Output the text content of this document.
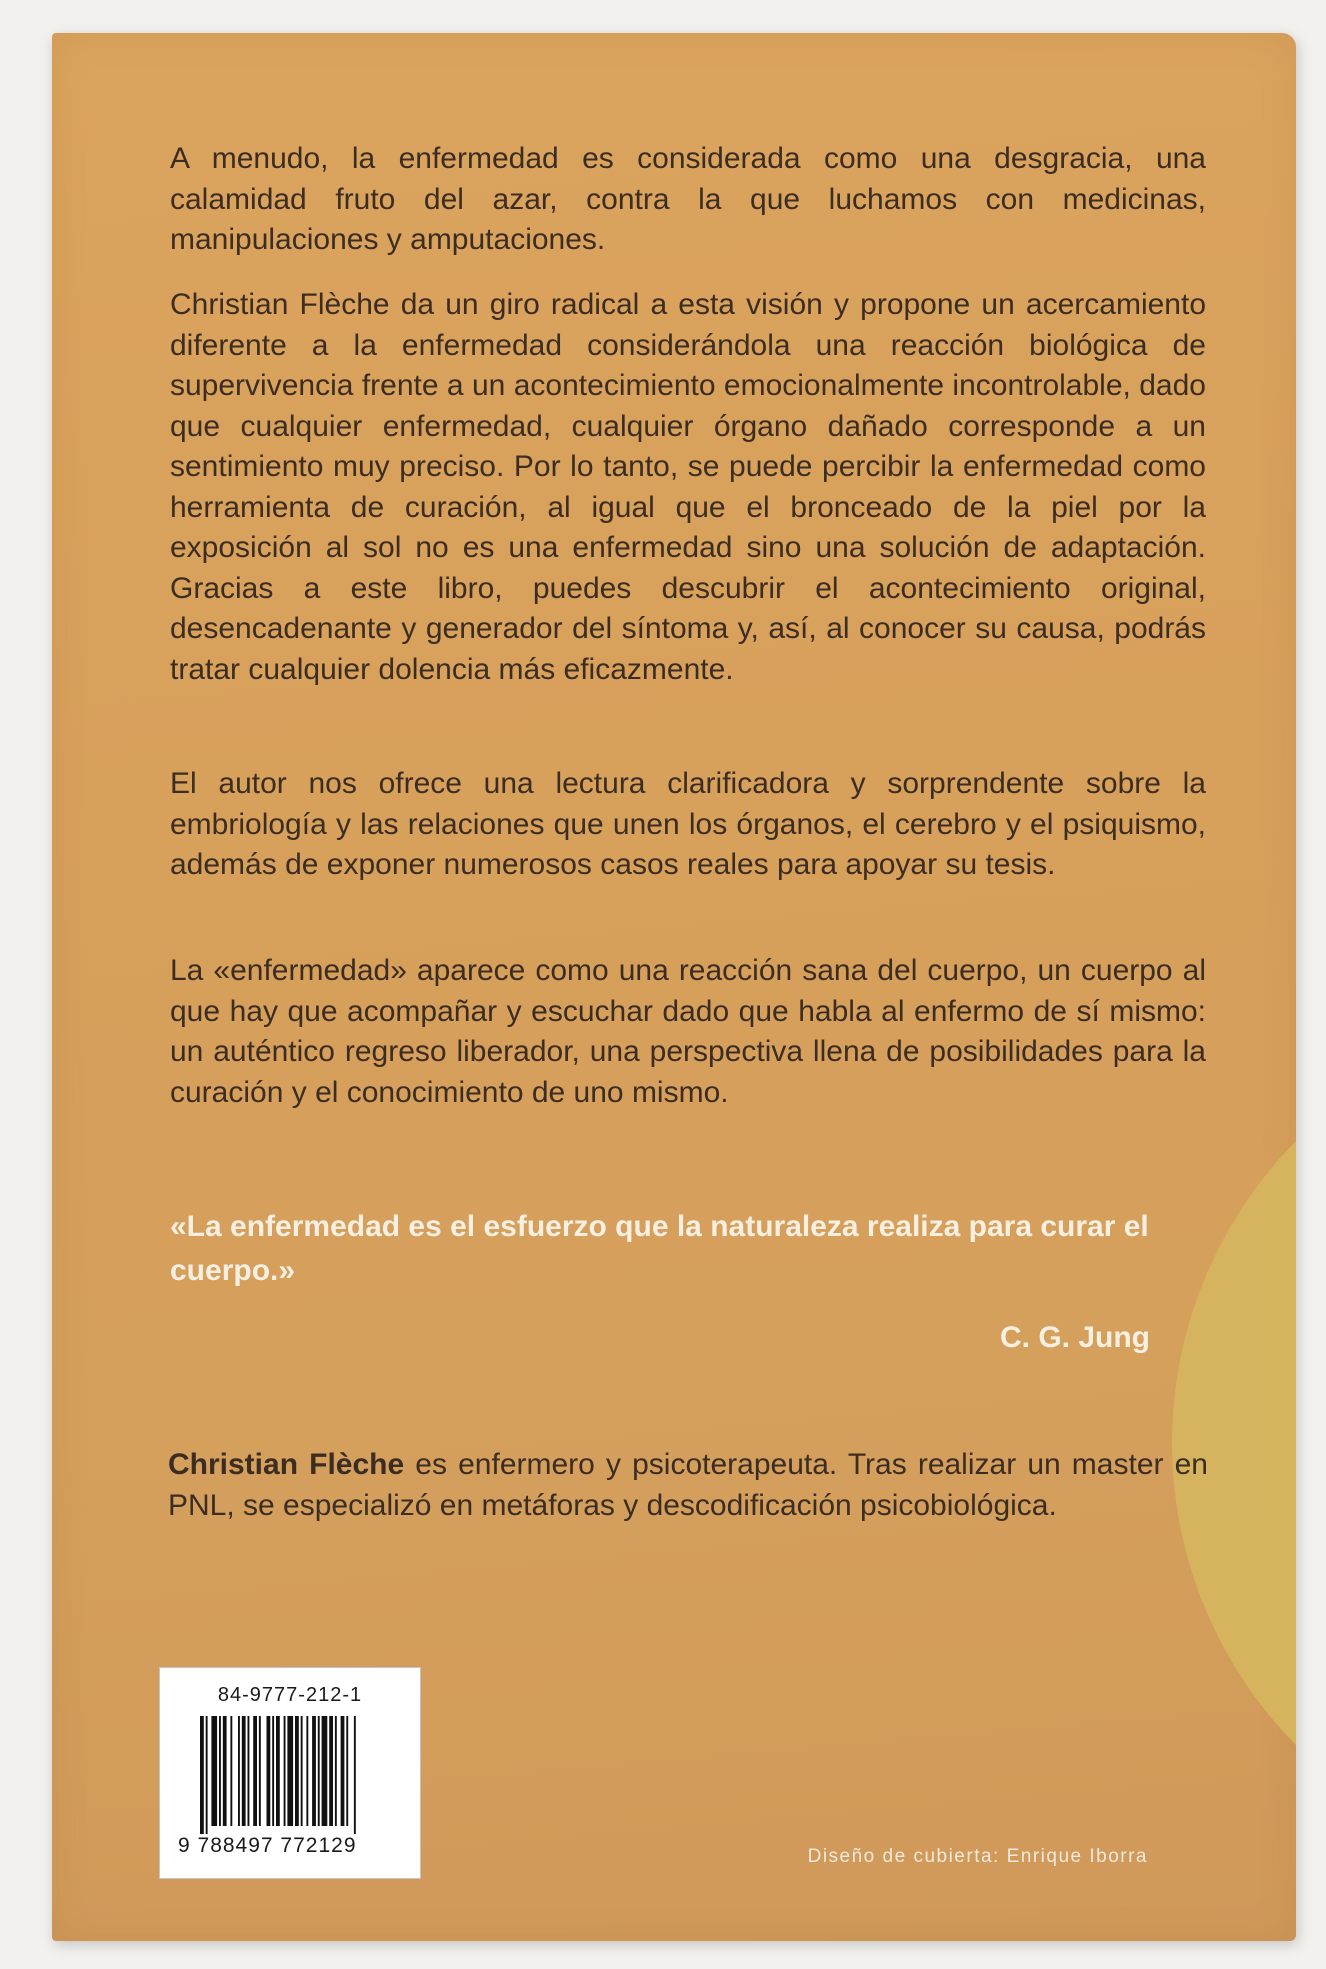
A menudo, la enfermedad es considerada como una desgracia, una calamidad fruto del azar, contra la que luchamos con medicinas, manipulaciones y amputaciones.
Christian Flèche da un giro radical a esta visión y propone un acercamiento diferente a la enfermedad considerándola una reacción biológica de supervivencia frente a un acontecimiento emocionalmente incontrolable, dado que cualquier enfermedad, cualquier órgano dañado corresponde a un sentimiento muy preciso. Por lo tanto, se puede percibir la enfermedad como herramienta de curación, al igual que el bronceado de la piel por la exposición al sol no es una enfermedad sino una solución de adaptación. Gracias a este libro, puedes descubrir el acontecimiento original, desencadenante y generador del síntoma y, así, al conocer su causa, podrás tratar cualquier dolencia más eficazmente.
El autor nos ofrece una lectura clarificadora y sorprendente sobre la embriología y las relaciones que unen los órganos, el cerebro y el psiquismo, además de exponer numerosos casos reales para apoyar su tesis.
La «enfermedad» aparece como una reacción sana del cuerpo, un cuerpo al que hay que acompañar y escuchar dado que habla al enfermo de sí mismo: un auténtico regreso liberador, una perspectiva llena de posibilidades para la curación y el conocimiento de uno mismo.
«La enfermedad es el esfuerzo que la naturaleza realiza para curar el cuerpo.»
C. G. Jung
Christian Flèche es enfermero y psicoterapeuta. Tras realizar un master en PNL, se especializó en metáforas y descodificación psicobiológica.
84-9777-212-1
9 788497 772129	Diseño de cubierta: Enrique Iborra
